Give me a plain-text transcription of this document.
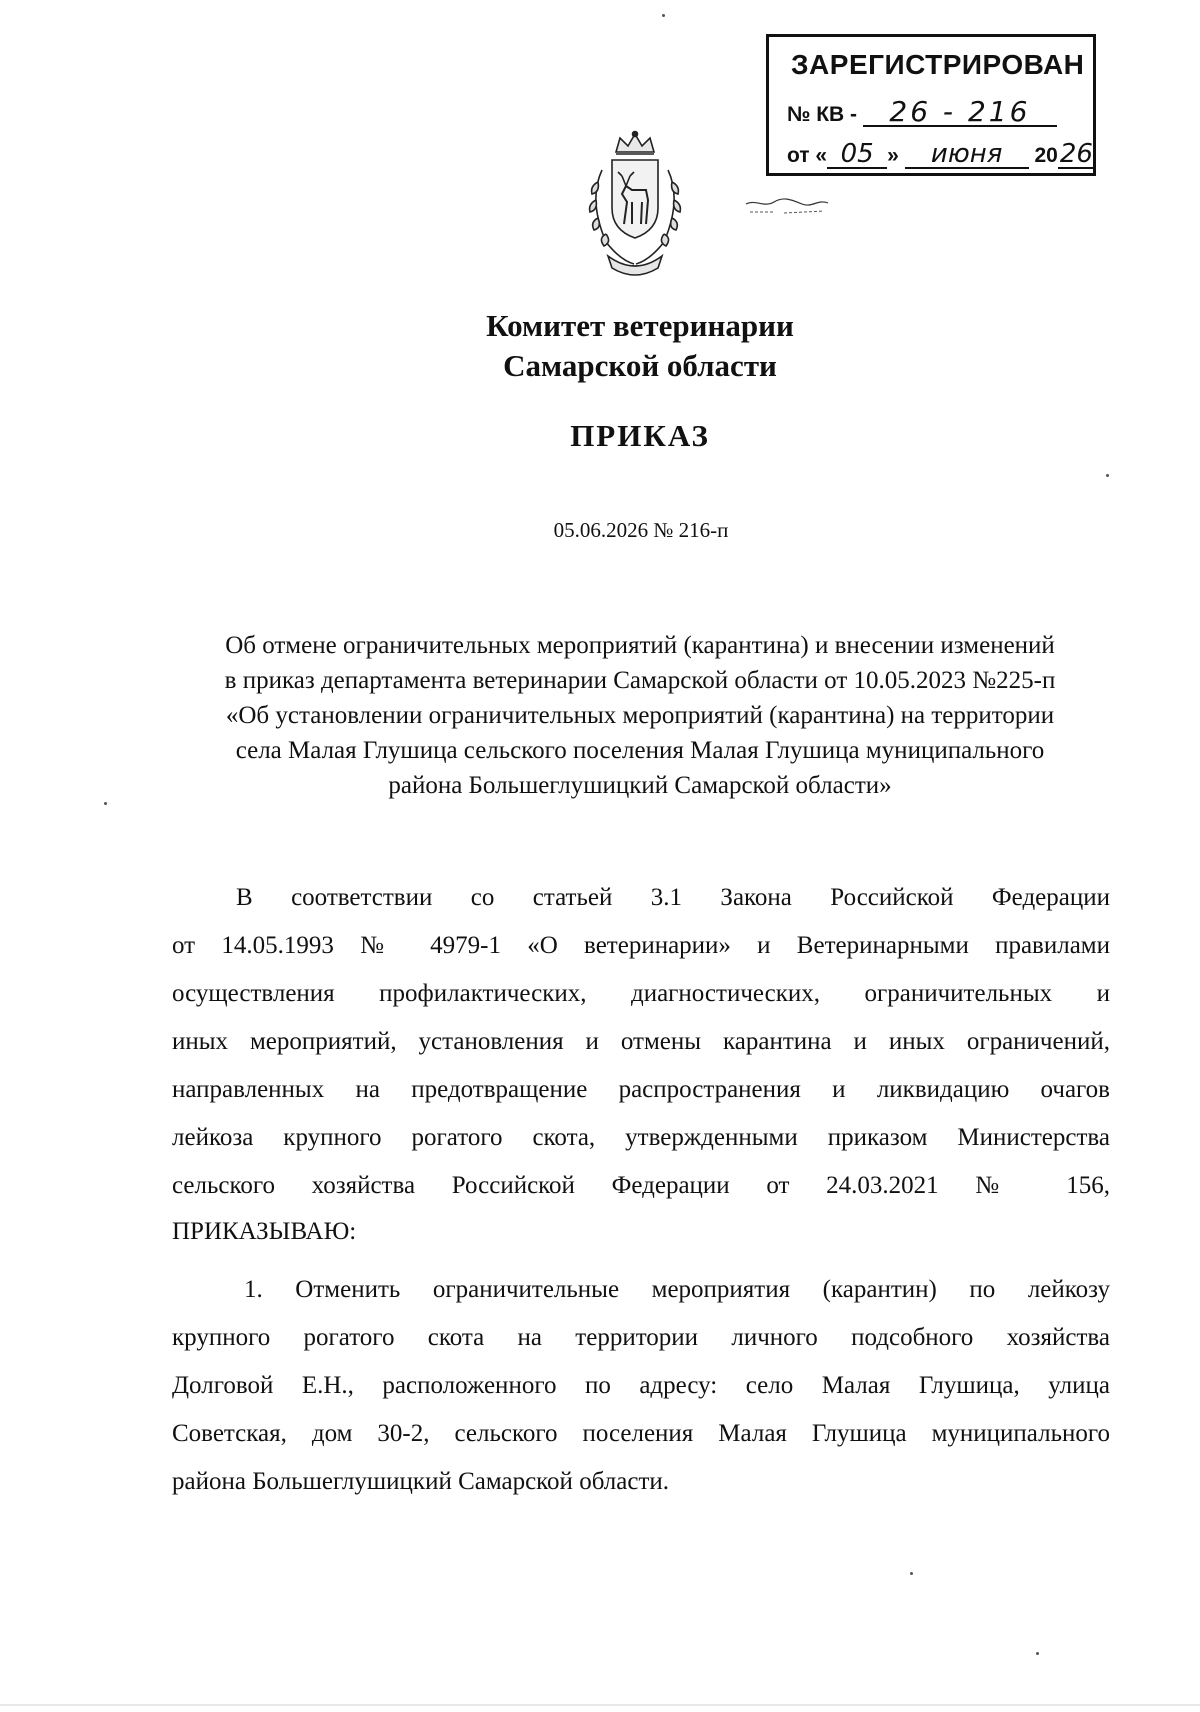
ЗАРЕГИСТРИРОВАН
№ КВ - 26 - 216
от « 05 » июня 2026
Комитет ветеринарии
Самарской области
ПРИКАЗ
05.06.2026 № 216-п
Об отмене ограничительных мероприятий (карантина) и внесении изменений
в приказ департамента ветеринарии Самарской области от 10.05.2023 №225-п
«Об установлении ограничительных мероприятий (карантина) на территории
села Малая Глушица сельского поселения Малая Глушица муниципального
района Большеглушицкий Самарской области»
В соответствии со статьей 3.1 Закона Российской Федерации
от 14.05.1993 № 4979-1 «О ветеринарии» и Ветеринарными правилами
осуществления профилактических, диагностических, ограничительных и
иных мероприятий, установления и отмены карантина и иных ограничений,
направленных на предотвращение распространения и ликвидацию очагов
лейкоза крупного рогатого скота, утвержденными приказом Министерства
сельского хозяйства Российской Федерации от 24.03.2021 № 156,
ПРИКАЗЫВАЮ:
1. Отменить ограничительные мероприятия (карантин) по лейкозу
крупного рогатого скота на территории личного подсобного хозяйства
Долговой Е.Н., расположенного по адресу: село Малая Глушица, улица
Советская, дом 30-2, сельского поселения Малая Глушица муниципального
района Большеглушицкий Самарской области.
